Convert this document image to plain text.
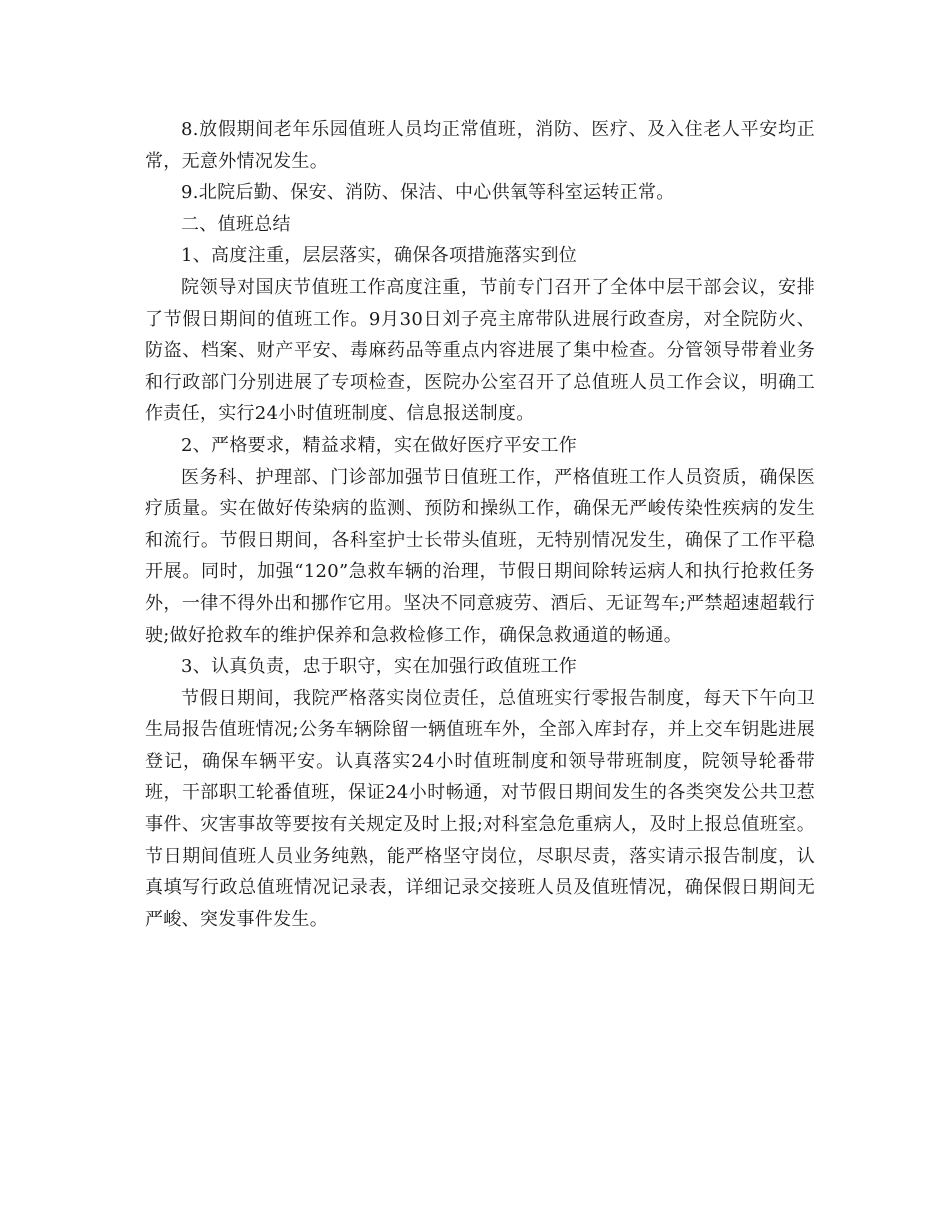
8.放假期间老年乐园值班人员均正常值班，消防、医疗、及入住老人平安均正常，无意外情况发生。

9.北院后勤、保安、消防、保洁、中心供氧等科室运转正常。

二、值班总结

1、高度注重，层层落实，确保各项措施落实到位

院领导对国庆节值班工作高度注重，节前专门召开了全体中层干部会议，安排了节假日期间的值班工作。9月30日刘子亮主席带队进展行政查房，对全院防火、防盗、档案、财产平安、毒麻药品等重点内容进展了集中检查。分管领导带着业务和行政部门分别进展了专项检查，医院办公室召开了总值班人员工作会议，明确工作责任，实行24小时值班制度、信息报送制度。

2、严格要求，精益求精，实在做好医疗平安工作

医务科、护理部、门诊部加强节日值班工作，严格值班工作人员资质，确保医疗质量。实在做好传染病的监测、预防和操纵工作，确保无严峻传染性疾病的发生和流行。节假日期间，各科室护士长带头值班，无特别情况发生，确保了工作平稳开展。同时，加强“120”急救车辆的治理，节假日期间除转运病人和执行抢救任务外，一律不得外出和挪作它用。坚决不同意疲劳、酒后、无证驾车;严禁超速超载行驶;做好抢救车的维护保养和急救检修工作，确保急救通道的畅通。

3、认真负责，忠于职守，实在加强行政值班工作

节假日期间，我院严格落实岗位责任，总值班实行零报告制度，每天下午向卫生局报告值班情况;公务车辆除留一辆值班车外，全部入库封存，并上交车钥匙进展登记，确保车辆平安。认真落实24小时值班制度和领导带班制度，院领导轮番带班，干部职工轮番值班，保证24小时畅通，对节假日期间发生的各类突发公共卫惹事件、灾害事故等要按有关规定及时上报;对科室急危重病人，及时上报总值班室。节日期间值班人员业务纯熟，能严格坚守岗位，尽职尽责，落实请示报告制度，认真填写行政总值班情况记录表，详细记录交接班人员及值班情况，确保假日期间无严峻、突发事件发生。
